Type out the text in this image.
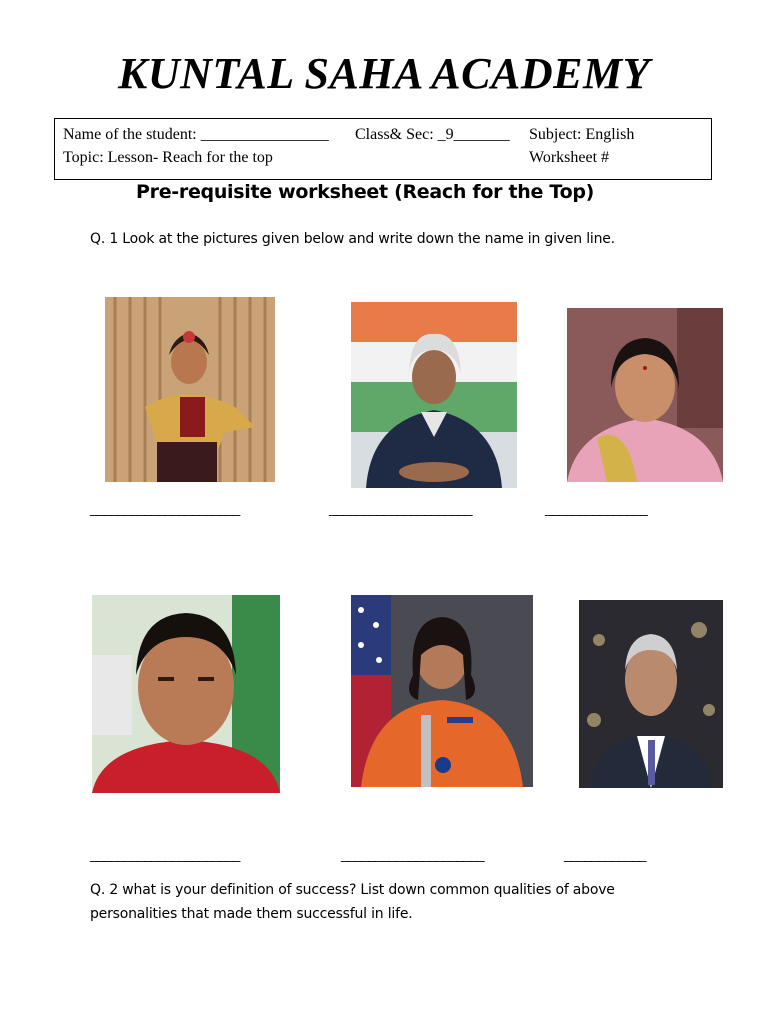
KUNTAL SAHA ACADEMY
Name of the student: ________________ Class& Sec: _9_______ Subject: English
Topic: Lesson- Reach for the top	Worksheet #
Pre-requisite worksheet (Reach for the Top)
Q. 1 Look at the pictures given below and write down the name in given line.
______________________	_____________________	_______________
______________________	_____________________	____________
Q. 2 what is your definition of success? List down common qualities of above personalities that made them successful in life.
